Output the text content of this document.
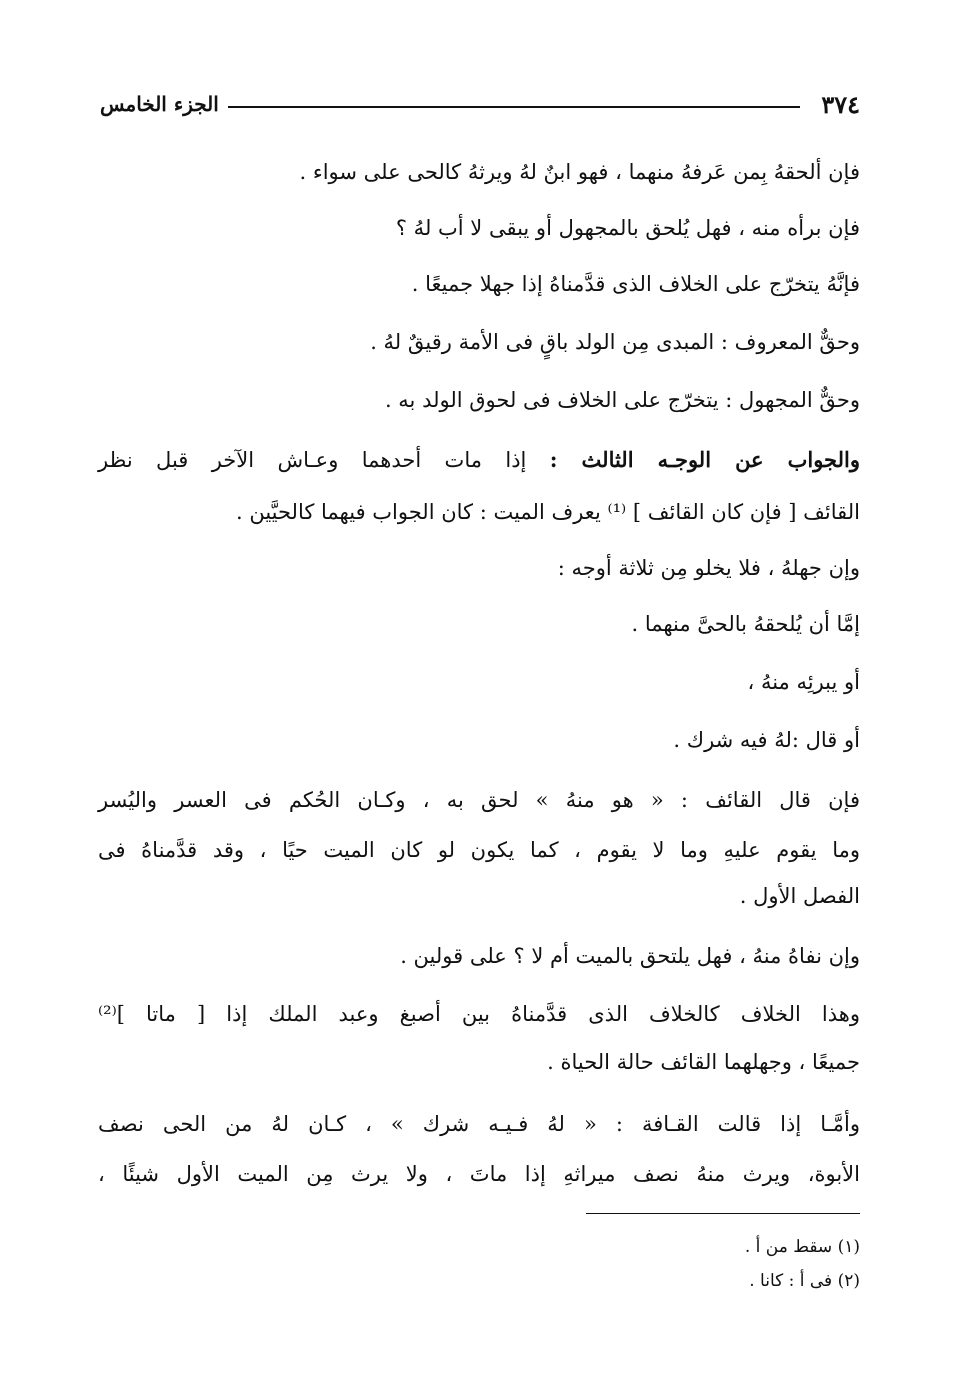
٣٧٤
الجزء الخامس
فإن ألحقهُ بِمن عَرفهُ منهما ، فهو ابنٌ لهُ ويرثهُ كالحى على سواء .
فإن برأه منه ، فهل يُلحق بالمجهول أو يبقى لا أب لهُ ؟
فإنَّهُ يتخرّج على الخلاف الذى قدَّمناهُ إذا جهلا جميعًا .
وحقٌّ المعروف : المبدى مِن الولد باقٍ فى الأمة رقيقٌ لهُ .
وحقٌّ المجهول : يتخرّج على الخلاف فى لحوق الولد به .
والجواب عن الوجـه الثالث : إذا مات أحدهما وعـاش الآخر قبل نظر
القائف [ فإن كان القائف ] ⁽¹⁾ يعرف الميت : كان الجواب فيهما كالحيَّين .
وإن جهلهُ ، فلا يخلو مِن ثلاثة أوجه :
إمَّا أن يُلحقهُ بالحىَّ منهما .
أو يبرئِه منهُ ،
أو قال :لهُ فيه شرك .
فإن قال القائف : « هو منهُ » لحق به ، وكـان الحُكم فى العسر واليُسر
وما يقوم عليهِ وما لا يقوم ، كما يكون لو كان الميت حيًا ، وقد قدَّمناهُ فى
الفصل الأول .
وإن نفاهُ منهُ ، فهل يلتحق بالميت أم لا ؟ على قولين .
وهذا الخلاف كالخلاف الذى قدَّمناهُ بين أصبغ وعبد الملك إذا [ ماتا ]⁽²⁾
جميعًا ، وجهلهما القائف حالة الحياة .
وأمَّـا إذا قالت القـافة : « لهُ فـيـه شرك » ، كـان لهُ من الحى نصف
الأبوة، ويرث منهُ نصف ميراثهِ إذا ماتَ ، ولا يرث مِن الميت الأول شيئًا ،
(١) سقط من أ .
(٢) فى أ : كانا .
